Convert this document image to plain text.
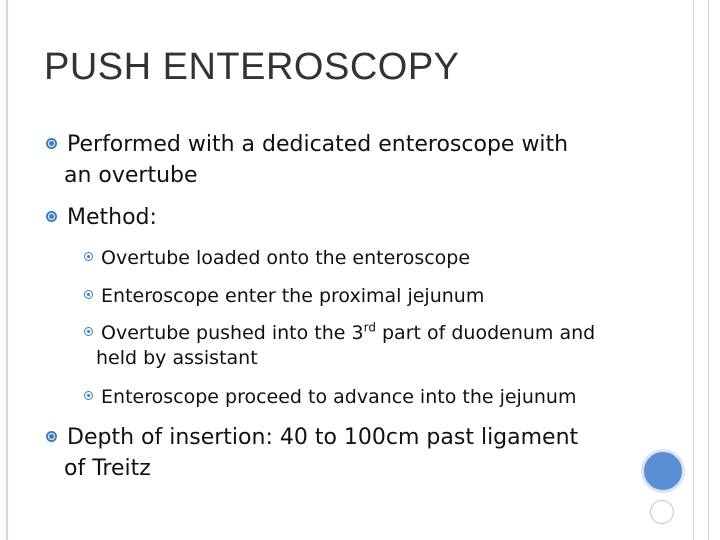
PUSH ENTEROSCOPY
Performed with a dedicated enteroscope with
an overtube
Method:
Overtube loaded onto the enteroscope
Enteroscope enter the proximal jejunum
Overtube pushed into the 3rd part of duodenum and
held by assistant
Enteroscope proceed to advance into the jejunum
Depth of insertion: 40 to 100cm past ligament
of Treitz
